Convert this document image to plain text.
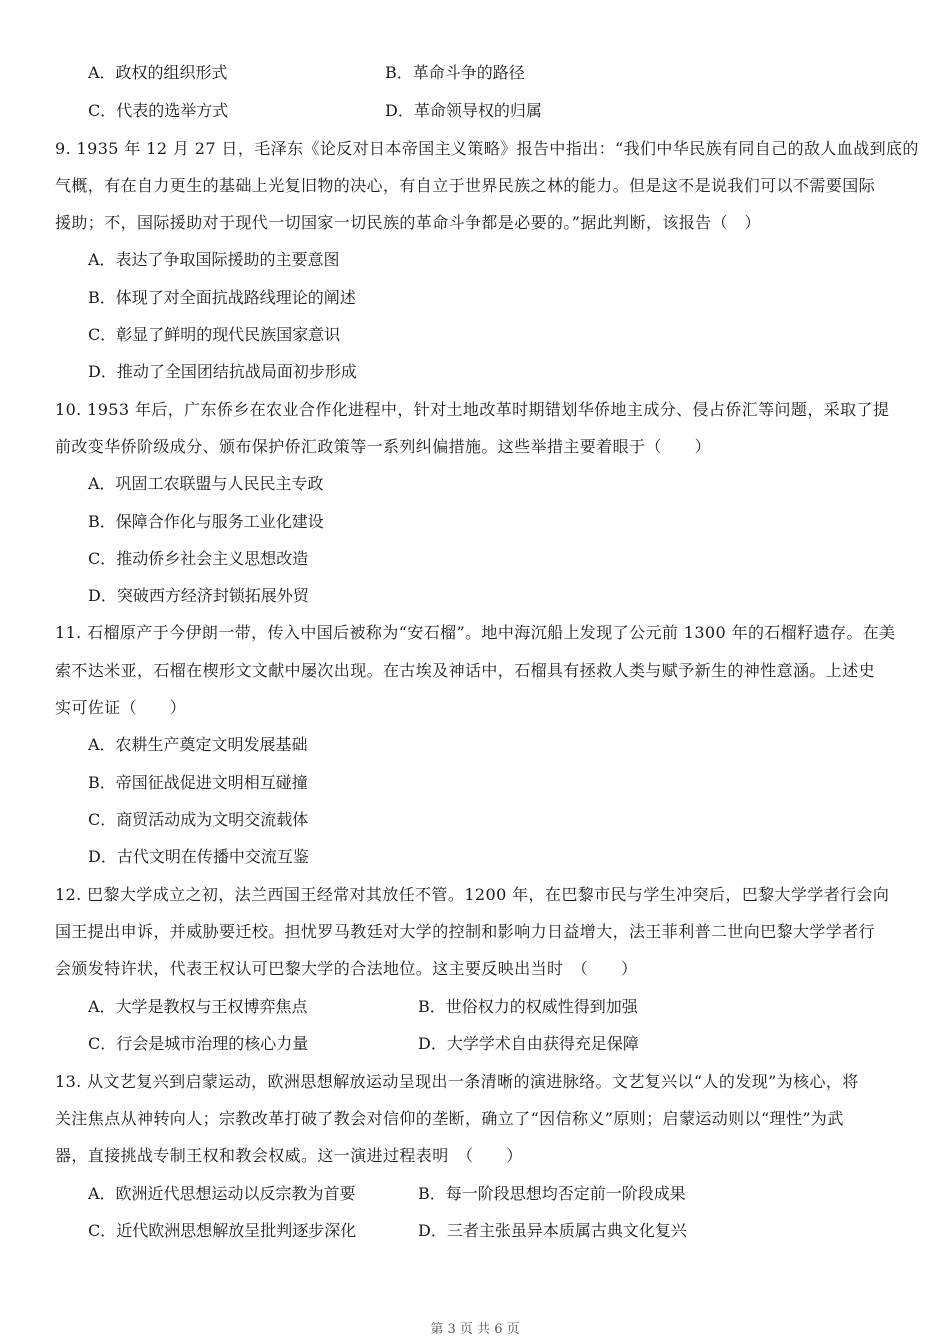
A．政权的组织形式	B．革命斗争的路径
C．代表的选举方式	D．革命领导权的归属
9. 1935 年 12 月 27 日，毛泽东《论反对日本帝国主义策略》报告中指出：“我们中华民族有同自己的敌人血战到底的
气概，有在自力更生的基础上光复旧物的决心，有自立于世界民族之林的能力。但是这不是说我们可以不需要国际
援助；不，国际援助对于现代一切国家一切民族的革命斗争都是必要的。”据此判断，该报告（　）
A．表达了争取国际援助的主要意图
B．体现了对全面抗战路线理论的阐述
C．彰显了鲜明的现代民族国家意识
D．推动了全国团结抗战局面初步形成
10. 1953 年后，广东侨乡在农业合作化进程中，针对土地改革时期错划华侨地主成分、侵占侨汇等问题，采取了提
前改变华侨阶级成分、颁布保护侨汇政策等一系列纠偏措施。这些举措主要着眼于（　　）
A．巩固工农联盟与人民民主专政
B．保障合作化与服务工业化建设
C．推动侨乡社会主义思想改造
D．突破西方经济封锁拓展外贸
11. 石榴原产于今伊朗一带，传入中国后被称为“安石榴”。地中海沉船上发现了公元前 1300 年的石榴籽遗存。在美
索不达米亚，石榴在楔形文文献中屡次出现。在古埃及神话中，石榴具有拯救人类与赋予新生的神性意涵。上述史
实可佐证（　　）
A．农耕生产奠定文明发展基础
B．帝国征战促进文明相互碰撞
C．商贸活动成为文明交流载体
D．古代文明在传播中交流互鉴
12. 巴黎大学成立之初，法兰西国王经常对其放任不管。1200 年，在巴黎市民与学生冲突后，巴黎大学学者行会向
国王提出申诉，并威胁要迁校。担忧罗马教廷对大学的控制和影响力日益增大，法王菲利普二世向巴黎大学学者行
会颁发特许状，代表王权认可巴黎大学的合法地位。这主要反映出当时　（　　）
A．大学是教权与王权博弈焦点	B．世俗权力的权威性得到加强
C．行会是城市治理的核心力量	D．大学学术自由获得充足保障
13. 从文艺复兴到启蒙运动，欧洲思想解放运动呈现出一条清晰的演进脉络。文艺复兴以“人的发现”为核心，将
关注焦点从神转向人；宗教改革打破了教会对信仰的垄断，确立了“因信称义”原则；启蒙运动则以“理性”为武
器，直接挑战专制王权和教会权威。这一演进过程表明　（　　）
A．欧洲近代思想运动以反宗教为首要	B．每一阶段思想均否定前一阶段成果
C．近代欧洲思想解放呈批判逐步深化	D．三者主张虽异本质属古典文化复兴
第 3 页 共 6 页
